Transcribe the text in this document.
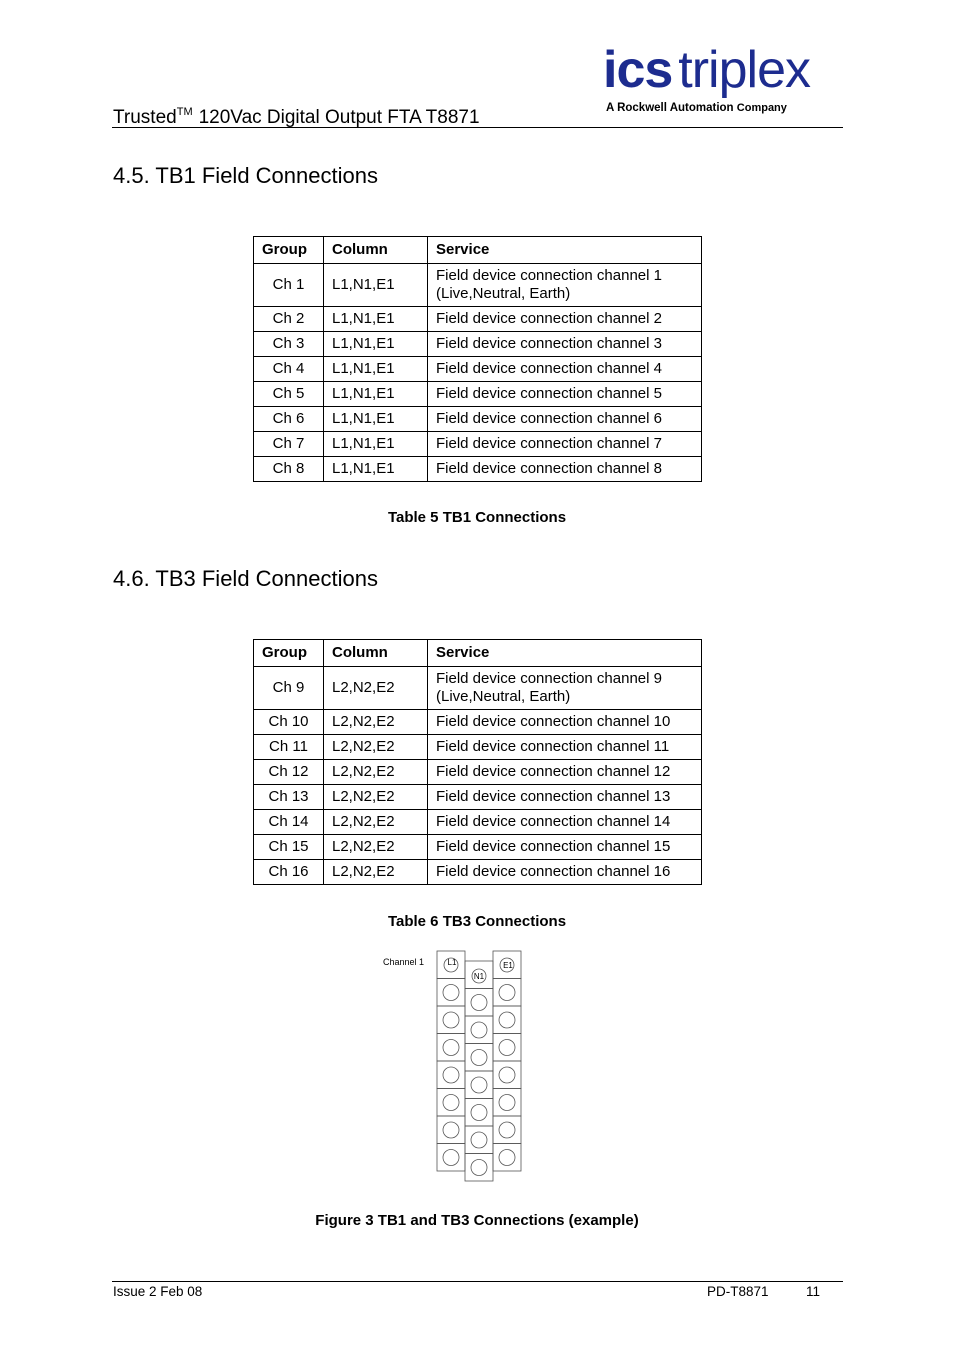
Trusted™ 120Vac Digital Output FTA T8871
ics triplex
A Rockwell Automation Company
4.5. TB1 Field Connections
Group	Column	Service
Ch 1	L1,N1,E1	Field device connection channel 1
(Live,Neutral, Earth)

Ch 2	L1,N1,E1	Field device connection channel 2
Ch 3	L1,N1,E1	Field device connection channel 3
Ch 4	L1,N1,E1	Field device connection channel 4
Ch 5	L1,N1,E1	Field device connection channel 5
Ch 6	L1,N1,E1	Field device connection channel 6
Ch 7	L1,N1,E1	Field device connection channel 7
Ch 8	L1,N1,E1	Field device connection channel 8
Table 5 TB1 Connections
4.6. TB3 Field Connections
Group	Column	Service
Ch 9	L2,N2,E2	Field device connection channel 9
(Live,Neutral, Earth)

Ch 10	L2,N2,E2	Field device connection channel 10
Ch 11	L2,N2,E2	Field device connection channel 11
Ch 12	L2,N2,E2	Field device connection channel 12
Ch 13	L2,N2,E2	Field device connection channel 13
Ch 14	L2,N2,E2	Field device connection channel 14
Ch 15	L2,N2,E2	Field device connection channel 15
Ch 16	L2,N2,E2	Field device connection channel 16
Table 6 TB3 Connections
Channel 1	L1
N1
E1
Figure 3 TB1 and TB3 Connections (example)
Issue 2 Feb 08	PD-T8871	11
